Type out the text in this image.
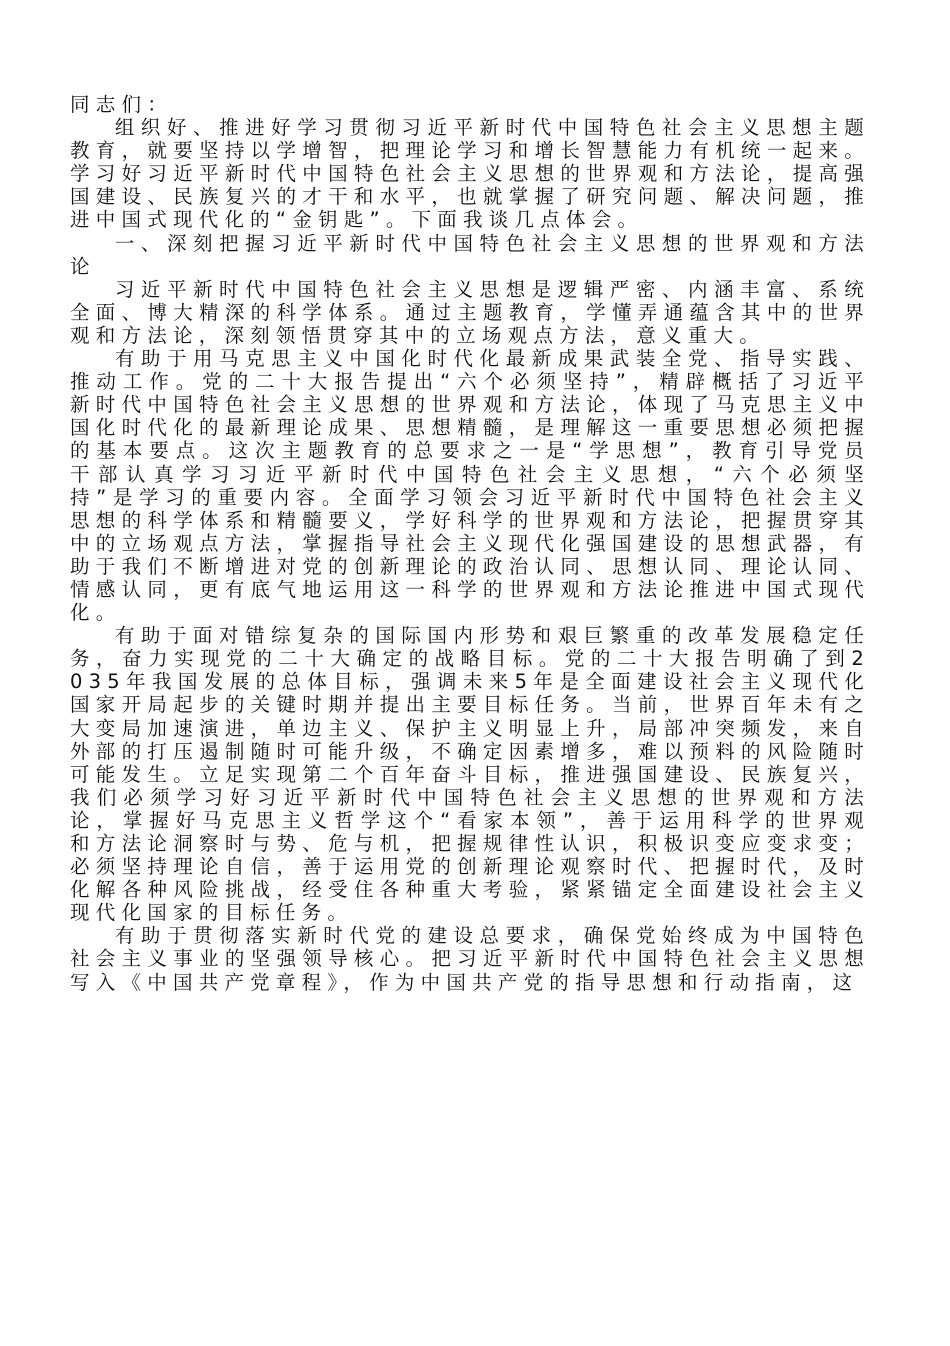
同志们：

组织好、推进好学习贯彻习近平新时代中国特色社会主义思想主题教育，就要坚持以学增智，把理论学习和增长智慧能力有机统一起来。学习好习近平新时代中国特色社会主义思想的世界观和方法论，提高强国建设、民族复兴的才干和水平，也就掌握了研究问题、解决问题，推进中国式现代化的“金钥匙”。下面我谈几点体会。

一、深刻把握习近平新时代中国特色社会主义思想的世界观和方法论

习近平新时代中国特色社会主义思想是逻辑严密、内涵丰富、系统全面、博大精深的科学体系。通过主题教育，学懂弄通蕴含其中的世界观和方法论，深刻领悟贯穿其中的立场观点方法，意义重大。

有助于用马克思主义中国化时代化最新成果武装全党、指导实践、推动工作。党的二十大报告提出“六个必须坚持”，精辟概括了习近平新时代中国特色社会主义思想的世界观和方法论，体现了马克思主义中国化时代化的最新理论成果、思想精髓，是理解这一重要思想必须把握的基本要点。这次主题教育的总要求之一是“学思想”，教育引导党员干部认真学习习近平新时代中国特色社会主义思想，“六个必须坚持”是学习的重要内容。全面学习领会习近平新时代中国特色社会主义思想的科学体系和精髓要义，学好科学的世界观和方法论，把握贯穿其中的立场观点方法，掌握指导社会主义现代化强国建设的思想武器，有助于我们不断增进对党的创新理论的政治认同、思想认同、理论认同、情感认同，更有底气地运用这一科学的世界观和方法论推进中国式现代化。

有助于面对错综复杂的国际国内形势和艰巨繁重的改革发展稳定任务，奋力实现党的二十大确定的战略目标。党的二十大报告明确了到2035年我国发展的总体目标，强调未来5年是全面建设社会主义现代化国家开局起步的关键时期并提出主要目标任务。当前，世界百年未有之大变局加速演进，单边主义、保护主义明显上升，局部冲突频发，来自外部的打压遏制随时可能升级，不确定因素增多，难以预料的风险随时可能发生。立足实现第二个百年奋斗目标，推进强国建设、民族复兴，我们必须学习好习近平新时代中国特色社会主义思想的世界观和方法论，掌握好马克思主义哲学这个“看家本领”，善于运用科学的世界观和方法论洞察时与势、危与机，把握规律性认识，积极识变应变求变；必须坚持理论自信，善于运用党的创新理论观察时代、把握时代，及时化解各种风险挑战，经受住各种重大考验，紧紧锚定全面建设社会主义现代化国家的目标任务。

有助于贯彻落实新时代党的建设总要求，确保党始终成为中国特色社会主义事业的坚强领导核心。把习近平新时代中国特色社会主义思想写入《中国共产党章程》，作为中国共产党的指导思想和行动指南，这
